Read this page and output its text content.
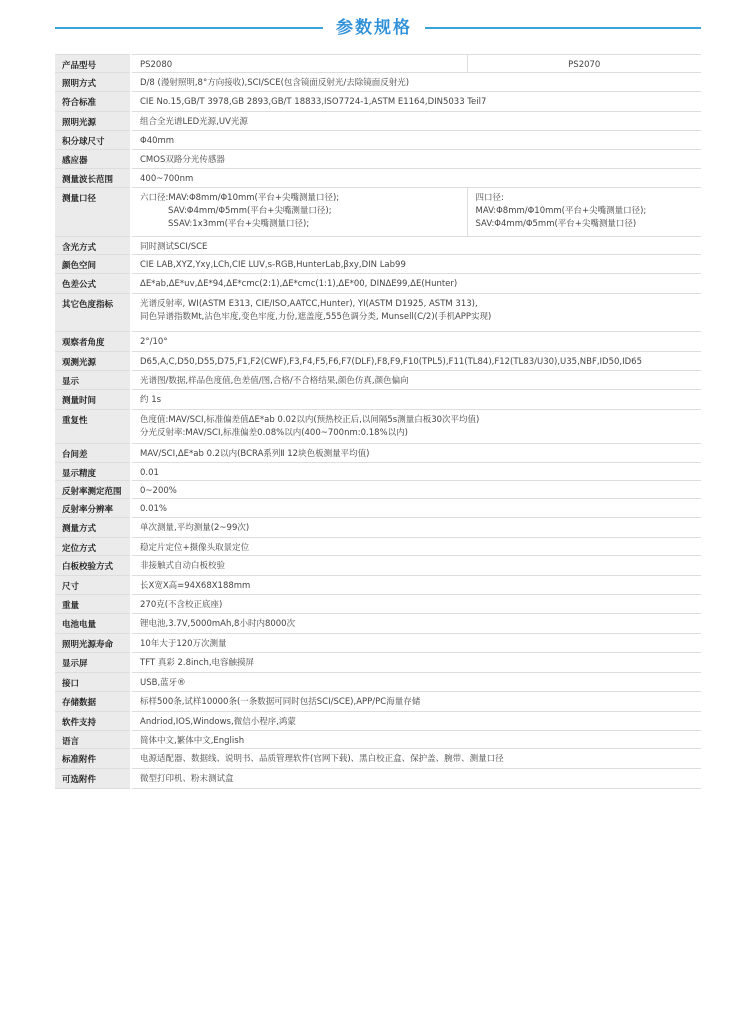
参数规格
产品型号	PS2080	PS2070
照明方式	D/8 (漫射照明,8°方向接收),SCI/SCE(包含镜面反射光/去除镜面反射光)	
符合标准	CIE No.15,GB/T 3978,GB 2893,GB/T 18833,ISO7724-1,ASTM E1164,DIN5033 Teil7	
照明光源	组合全光谱LED光源,UV光源	
积分球尺寸	Φ40mm	
感应器	CMOS双路分光传感器	
测量波长范围	400~700nm	
测量口径	六口径:MAV:Φ8mm/Φ10mm(平台+尖嘴测量口径);
SAV:Φ4mm/Φ5mm(平台+尖嘴测量口径);
SSAV:1x3mm(平台+尖嘴测量口径);	四口径:
MAV:Φ8mm/Φ10mm(平台+尖嘴测量口径);
SAV:Φ4mm/Φ5mm(平台+尖嘴测量口径)

含光方式	同时测试SCI/SCE	
颜色空间	CIE LAB,XYZ,Yxy,LCh,CIE LUV,s-RGB,HunterLab,βxy,DIN Lab99	
色差公式	ΔE*ab,ΔE*uv,ΔE*94,ΔE*cmc(2:1),ΔE*cmc(1:1),ΔE*00, DINΔE99,ΔE(Hunter)	
其它色度指标	光谱反射率, WI(ASTM E313, CIE/ISO,AATCC,Hunter), YI(ASTM D1925, ASTM 313),
同色异谱指数Mt,沾色牢度,变色牢度,力份,遮盖度,555色调分类, Munsell(C/2)(手机APP实现)	

观察者角度	2°/10°	
观测光源	D65,A,C,D50,D55,D75,F1,F2(CWF),F3,F4,F5,F6,F7(DLF),F8,F9,F10(TPL5),F11(TL84),F12(TL83/U30),U35,NBF,ID50,ID65	
显示	光谱图/数据,样品色度值,色差值/图,合格/不合格结果,颜色仿真,颜色偏向	
测量时间	约 1s	
重复性	色度值:MAV/SCI,标准偏差值ΔE*ab 0.02以内(预热校正后,以间隔5s测量白板30次平均值)
分光反射率:MAV/SCI,标准偏差0.08%以内(400~700nm:0.18%以内)	

台间差	MAV/SCI,ΔE*ab 0.2以内(BCRA系列Ⅱ 12块色板测量平均值)	
显示精度	0.01	
反射率测定范围	0~200%	
反射率分辨率	0.01%	
测量方式	单次测量,平均测量(2~99次)	
定位方式	稳定片定位+摄像头取景定位	
白板校验方式	非接触式自动白板校验	
尺寸	长X宽X高=94X68X188mm	
重量	270克(不含校正底座)	
电池电量	锂电池,3.7V,5000mAh,8小时内8000次	
照明光源寿命	10年大于120万次测量	
显示屏	TFT 真彩 2.8inch,电容触摸屏	
接口	USB,蓝牙®	
存储数据	标样500条,试样10000条(一条数据可同时包括SCI/SCE),APP/PC海量存储	
软件支持	Andriod,IOS,Windows,微信小程序,鸿蒙	
语言	简体中文,繁体中文,English	
标准附件	电源适配器、数据线、说明书、品质管理软件(官网下载)、黑白校正盒、保护盖、腕带、测量口径	
可选附件	微型打印机、粉末测试盒	
